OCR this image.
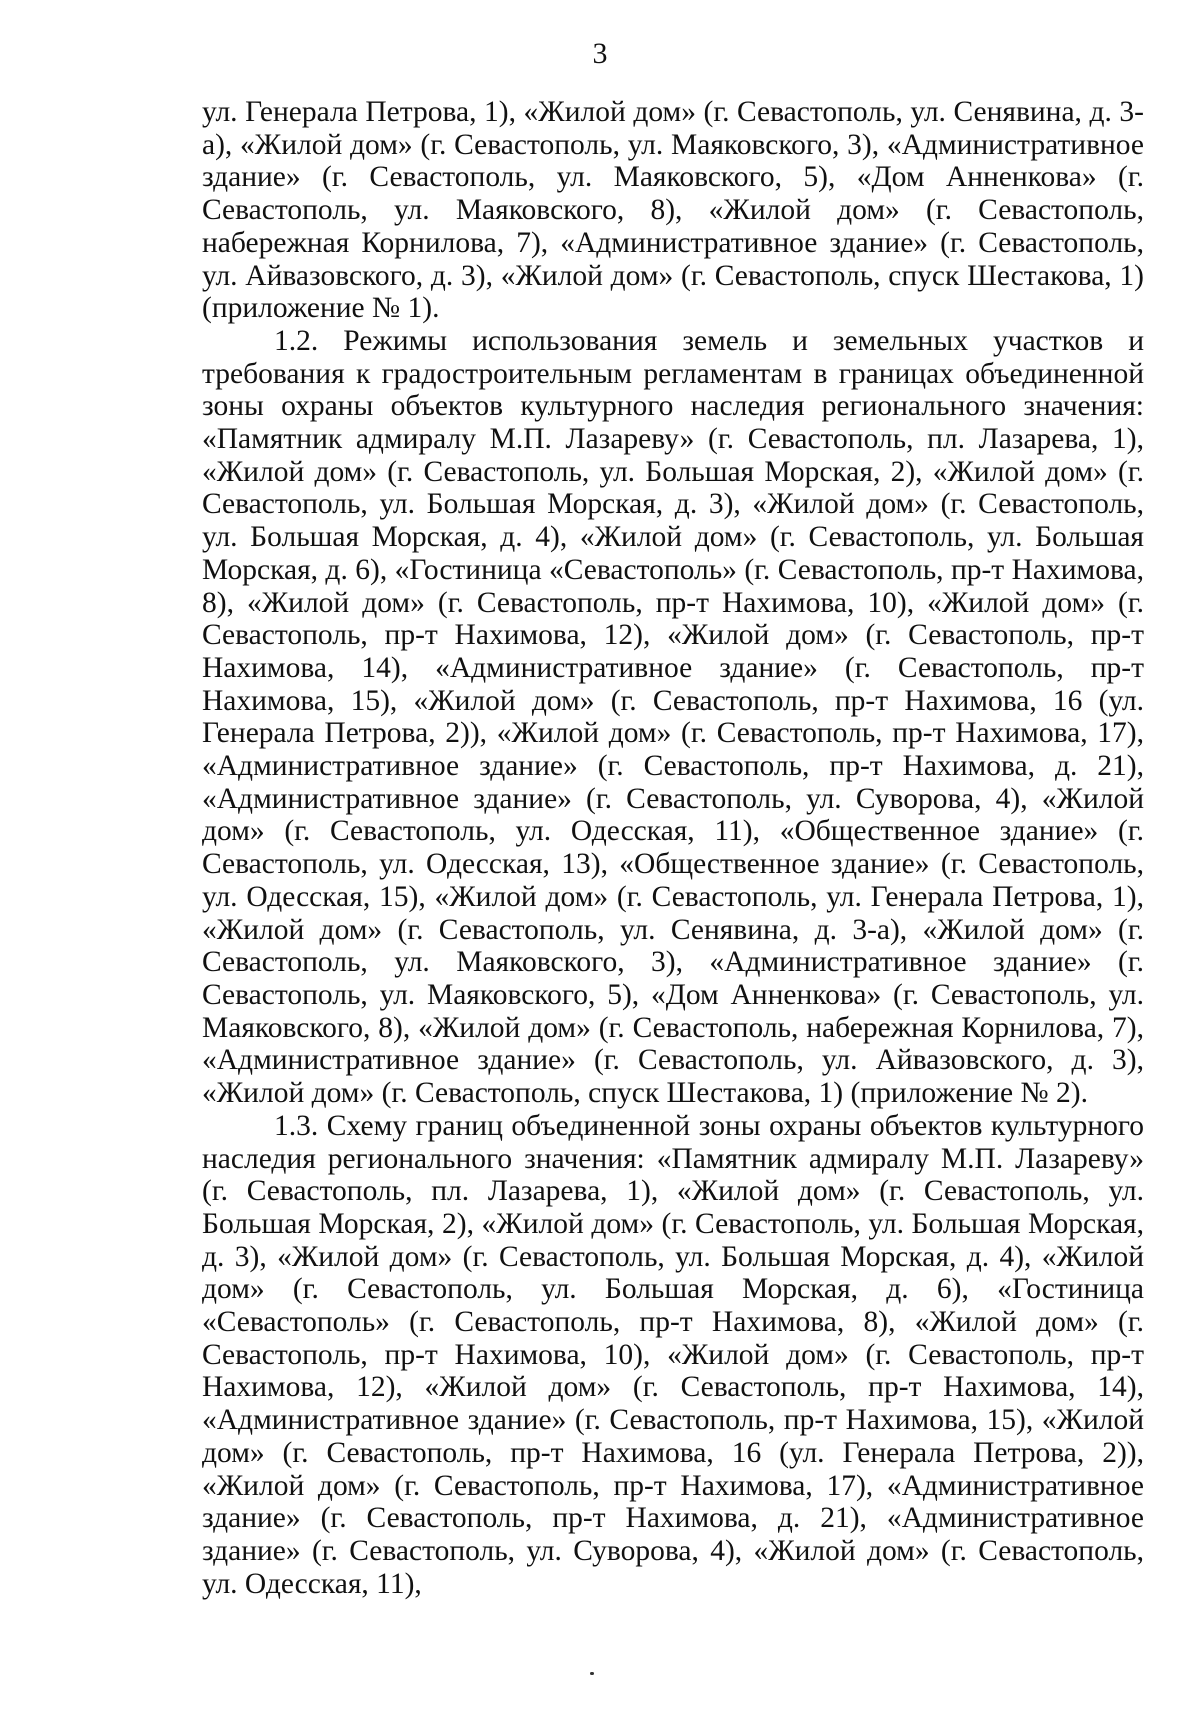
3

ул. Генерала Петрова, 1), «Жилой дом» (г. Севастополь, ул. Сенявина, д. 3-а), «Жилой дом» (г. Севастополь, ул. Маяковского, 3), «Административное здание» (г. Севастополь, ул. Маяковского, 5), «Дом Анненкова» (г. Севастополь, ул. Маяковского, 8), «Жилой дом» (г. Севастополь, набережная Корнилова, 7), «Административное здание» (г. Севастополь, ул. Айвазовского, д. 3), «Жилой дом» (г. Севастополь, спуск Шестакова, 1) (приложение № 1).

1.2. Режимы использования земель и земельных участков и требования к градостроительным регламентам в границах объединенной зоны охраны объектов культурного наследия регионального значения: «Памятник адмиралу М.П. Лазареву» (г. Севастополь, пл. Лазарева, 1), «Жилой дом» (г. Севастополь, ул. Большая Морская, 2), «Жилой дом» (г. Севастополь, ул. Большая Морская, д. 3), «Жилой дом» (г. Севастополь, ул. Большая Морская, д. 4), «Жилой дом» (г. Севастополь, ул. Большая Морская, д. 6), «Гостиница «Севастополь» (г. Севастополь, пр-т Нахимова, 8), «Жилой дом» (г. Севастополь, пр-т Нахимова, 10), «Жилой дом» (г. Севастополь, пр-т Нахимова, 12), «Жилой дом» (г. Севастополь, пр-т Нахимова, 14), «Административное здание» (г. Севастополь, пр-т Нахимова, 15), «Жилой дом» (г. Севастополь, пр-т Нахимова, 16 (ул. Генерала Петрова, 2)), «Жилой дом» (г. Севастополь, пр-т Нахимова, 17), «Административное здание» (г. Севастополь, пр-т Нахимова, д. 21), «Административное здание» (г. Севастополь, ул. Суворова, 4), «Жилой дом» (г. Севастополь, ул. Одесская, 11), «Общественное здание» (г. Севастополь, ул. Одесская, 13), «Общественное здание» (г. Севастополь, ул. Одесская, 15), «Жилой дом» (г. Севастополь, ул. Генерала Петрова, 1), «Жилой дом» (г. Севастополь, ул. Сенявина, д. 3-а), «Жилой дом» (г. Севастополь, ул. Маяковского, 3), «Административное здание» (г. Севастополь, ул. Маяковского, 5), «Дом Анненкова» (г. Севастополь, ул. Маяковского, 8), «Жилой дом» (г. Севастополь, набережная Корнилова, 7), «Административное здание» (г. Севастополь, ул. Айвазовского, д. 3), «Жилой дом» (г. Севастополь, спуск Шестакова, 1) (приложение № 2).

1.3. Схему границ объединенной зоны охраны объектов культурного наследия регионального значения: «Памятник адмиралу М.П. Лазареву» (г. Севастополь, пл. Лазарева, 1), «Жилой дом» (г. Севастополь, ул. Большая Морская, 2), «Жилой дом» (г. Севастополь, ул. Большая Морская, д. 3), «Жилой дом» (г. Севастополь, ул. Большая Морская, д. 4), «Жилой дом» (г. Севастополь, ул. Большая Морская, д. 6), «Гостиница «Севастополь» (г. Севастополь, пр-т Нахимова, 8), «Жилой дом» (г. Севастополь, пр-т Нахимова, 10), «Жилой дом» (г. Севастополь, пр-т Нахимова, 12), «Жилой дом» (г. Севастополь, пр-т Нахимова, 14), «Административное здание» (г. Севастополь, пр-т Нахимова, 15), «Жилой дом» (г. Севастополь, пр-т Нахимова, 16 (ул. Генерала Петрова, 2)), «Жилой дом» (г. Севастополь, пр-т Нахимова, 17), «Административное здание» (г. Севастополь, пр-т Нахимова, д. 21), «Административное здание» (г. Севастополь, ул. Суворова, 4), «Жилой дом» (г. Севастополь, ул. Одесская, 11),
